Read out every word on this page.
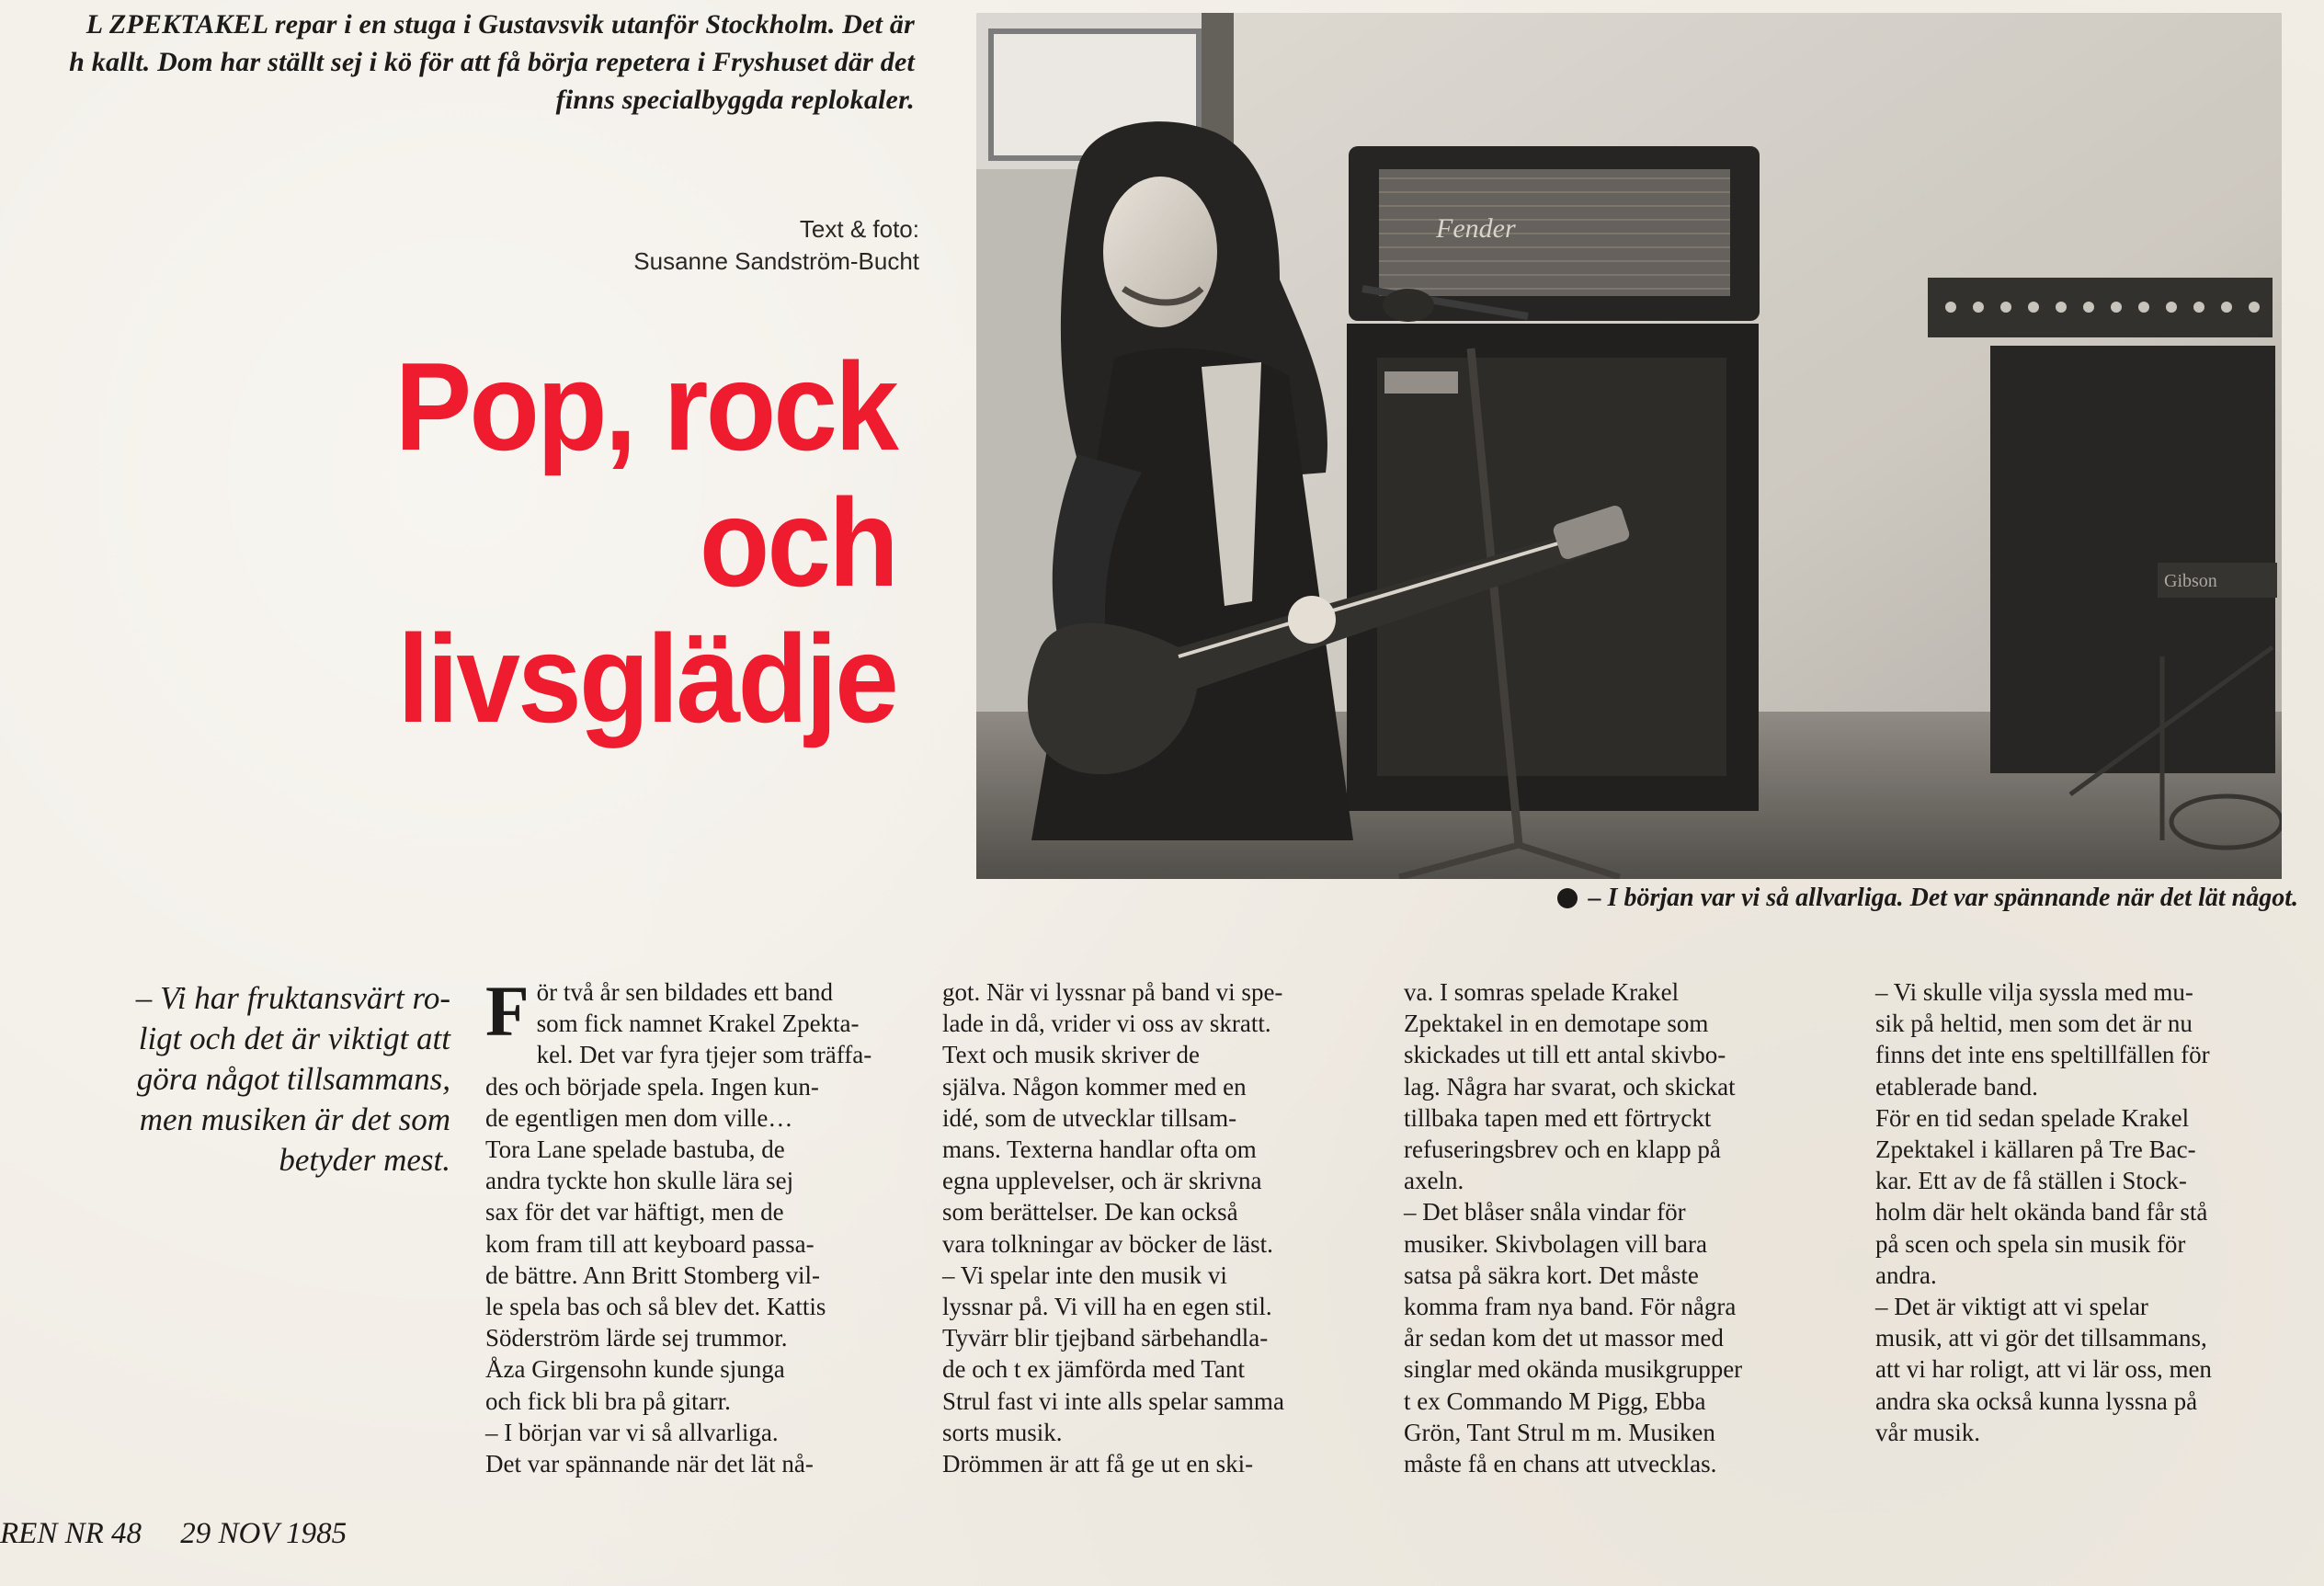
L ZPEKTAKEL repar i en stuga i Gustavsvik utanför Stockholm. Det är
h kallt. Dom har ställt sej i kö för att få börja repetera i Fryshuset där det
finns specialbyggda replokaler.
Text & foto:
Susanne Sandström-Bucht
Pop, rock
och
livsglädje
– I början var vi så allvarliga. Det var spännande när det lät något.
– Vi har fruktansvärt ro-
ligt och det är viktigt att
göra något tillsammans,
men musiken är det som
betyder mest.
F ör två år sen bildades ett band
som fick namnet Krakel Zpekta-
kel. Det var fyra tjejer som träffa-
des och började spela. Ingen kun-
de egentligen men dom ville…
Tora Lane spelade bastuba, de
andra tyckte hon skulle lära sej
sax för det var häftigt, men de
kom fram till att keyboard passa-
de bättre. Ann Britt Stomberg vil-
le spela bas och så blev det. Kattis
Söderström lärde sej trummor.
Åza Girgensohn kunde sjunga
och fick bli bra på gitarr.
– I början var vi så allvarliga.
Det var spännande när det lät nå-
got. När vi lyssnar på band vi spe-
lade in då, vrider vi oss av skratt.
Text och musik skriver de
själva. Någon kommer med en
idé, som de utvecklar tillsam-
mans. Texterna handlar ofta om
egna upplevelser, och är skrivna
som berättelser. De kan också
vara tolkningar av böcker de läst.
– Vi spelar inte den musik vi
lyssnar på. Vi vill ha en egen stil.
Tyvärr blir tjejband särbehandla-
de och t ex jämförda med Tant
Strul fast vi inte alls spelar samma
sorts musik.
Drömmen är att få ge ut en ski-
va. I somras spelade Krakel
Zpektakel in en demotape som
skickades ut till ett antal skivbo-
lag. Några har svarat, och skickat
tillbaka tapen med ett förtryckt
refuseringsbrev och en klapp på
axeln.
– Det blåser snåla vindar för
musiker. Skivbolagen vill bara
satsa på säkra kort. Det måste
komma fram nya band. För några
år sedan kom det ut massor med
singlar med okända musikgrupper
t ex Commando M Pigg, Ebba
Grön, Tant Strul m m. Musiken
måste få en chans att utvecklas.
– Vi skulle vilja syssla med mu-
sik på heltid, men som det är nu
finns det inte ens speltillfällen för
etablerade band.
För en tid sedan spelade Krakel
Zpektakel i källaren på Tre Bac-
kar. Ett av de få ställen i Stock-
holm där helt okända band får stå
på scen och spela sin musik för
andra.
– Det är viktigt att vi spelar
musik, att vi gör det tillsammans,
att vi har roligt, att vi lär oss, men
andra ska också kunna lyssna på
vår musik.
REN NR 48 29 NOV 1985
